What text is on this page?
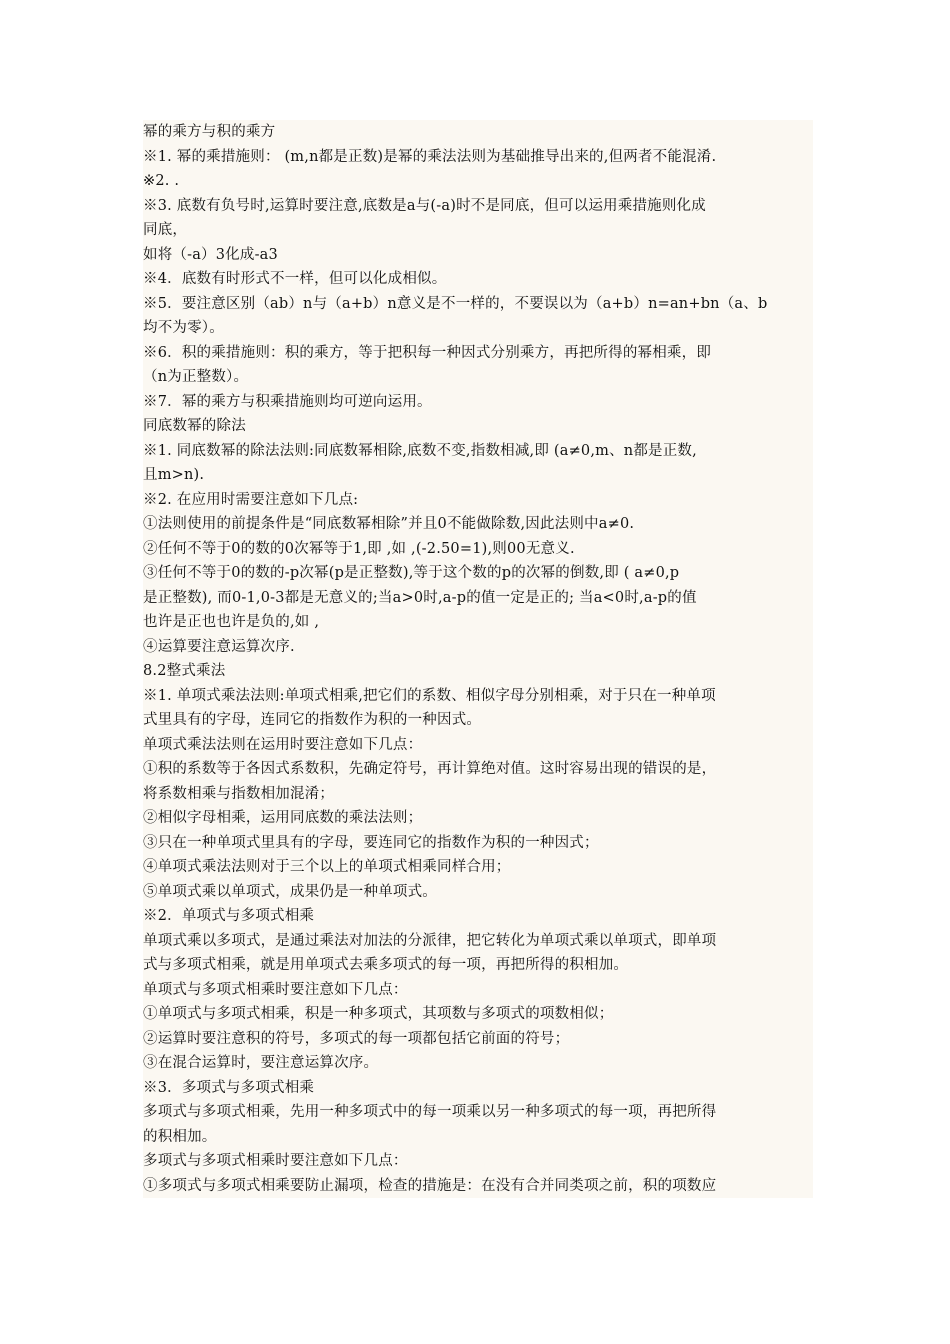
幂的乘方与积的乘方
※1. 幂的乘措施则： (m,n都是正数)是幂的乘法法则为基础推导出来的,但两者不能混淆.
※2. .
※3. 底数有负号时,运算时要注意,底数是a与(-a)时不是同底，但可以运用乘措施则化成
同底，
如将（-a）3化成-a3
※4．底数有时形式不一样，但可以化成相似。
※5．要注意区别（ab）n与（a+b）n意义是不一样的，不要误以为（a+b）n=an+bn（a、b
均不为零）。
※6．积的乘措施则：积的乘方，等于把积每一种因式分别乘方，再把所得的幂相乘，即
（n为正整数）。
※7．幂的乘方与积乘措施则均可逆向运用。
同底数幂的除法
※1. 同底数幂的除法法则:同底数幂相除,底数不变,指数相减,即 (a≠0,m、n都是正数,
且m>n).
※2. 在应用时需要注意如下几点:
①法则使用的前提条件是“同底数幂相除”并且0不能做除数,因此法则中a≠0.
②任何不等于0的数的0次幂等于1,即 ,如 ,(-2.50=1),则00无意义.
③任何不等于0的数的-p次幂(p是正整数),等于这个数的p的次幂的倒数,即 ( a≠0,p
是正整数), 而0-1,0-3都是无意义的;当a>0时,a-p的值一定是正的; 当a<0时,a-p的值
也许是正也也许是负的,如 ,
④运算要注意运算次序.
8.2整式乘法
※1. 单项式乘法法则:单项式相乘,把它们的系数、相似字母分别相乘，对于只在一种单项
式里具有的字母，连同它的指数作为积的一种因式。
单项式乘法法则在运用时要注意如下几点：
①积的系数等于各因式系数积，先确定符号，再计算绝对值。这时容易出现的错误的是，
将系数相乘与指数相加混淆；
②相似字母相乘，运用同底数的乘法法则；
③只在一种单项式里具有的字母，要连同它的指数作为积的一种因式；
④单项式乘法法则对于三个以上的单项式相乘同样合用；
⑤单项式乘以单项式，成果仍是一种单项式。
※2．单项式与多项式相乘
单项式乘以多项式，是通过乘法对加法的分派律，把它转化为单项式乘以单项式，即单项
式与多项式相乘，就是用单项式去乘多项式的每一项，再把所得的积相加。
单项式与多项式相乘时要注意如下几点：
①单项式与多项式相乘，积是一种多项式，其项数与多项式的项数相似；
②运算时要注意积的符号，多项式的每一项都包括它前面的符号；
③在混合运算时，要注意运算次序。
※3．多项式与多项式相乘
多项式与多项式相乘，先用一种多项式中的每一项乘以另一种多项式的每一项，再把所得
的积相加。
多项式与多项式相乘时要注意如下几点：
①多项式与多项式相乘要防止漏项，检查的措施是：在没有合并同类项之前，积的项数应
